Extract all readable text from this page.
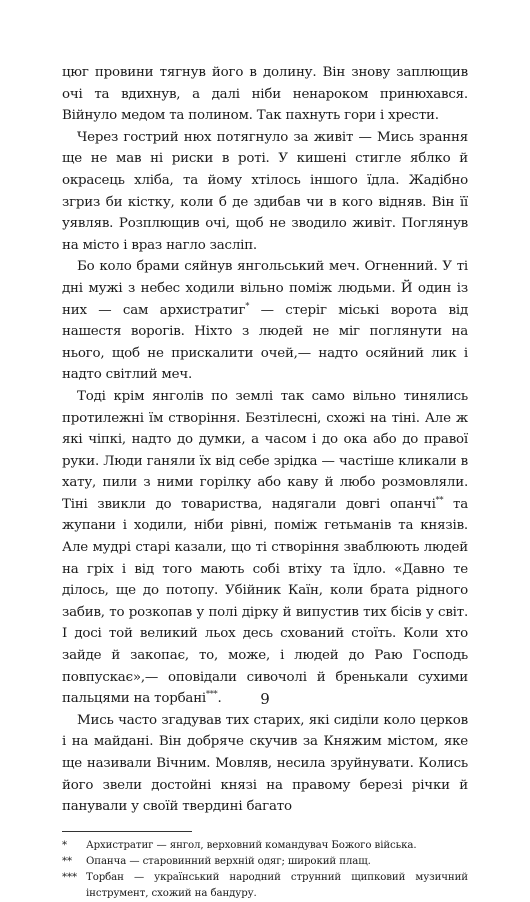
цюг провини тягнув його в долину. Він знову заплющив очі та вдихнув, а далі ніби ненароком принюхався. Війнуло медом та полином. Так пахнуть гори і хрести.

Через гострий нюх потягнуло за живіт — Мись зрання ще не мав ні риски в роті. У кишені стигле яблко й окрасець хліба, та йому хтілось іншого їдла. Жадібно згриз би кістку, коли б де здибав чи в кого відняв. Він її уявляв. Розплющив очі, щоб не зводило живіт. Поглянув на місто і враз нагло засліп.

Бо коло брами сяйнув янгольський меч. Огненний. У ті дні мужі з небес ходили вільно поміж людьми. Й один із них — сам архистратиг* — стеріг міські ворота від нашестя ворогів. Ніхто з людей не міг поглянути на нього, щоб не прискалити очей,— надто осяйний лик і надто світлий меч.

Тоді крім янголів по землі так само вільно тинялись протилежні їм створіння. Безтілесні, схожі на тіні. Але ж які чіпкі, надто до думки, а часом і до ока або до правої руки. Люди ганяли їх від себе зрідка — частіше кликали в хату, пили з ними горілку або каву й любо розмовляли. Тіні звикли до товариства, надягали довгі опанчі** та жупани і ходили, ніби рівні, поміж гетьманів та князів. Але мудрі старі казали, що ті створіння зваблюють людей на гріх і від того мають собі втіху та їдло. «Давно те ділось, ще до потопу. Убійник Каїн, коли брата рідного забив, то розкопав у полі дірку й випустив тих бісів у світ. І досі той великий льох десь схований стоїть. Коли хто зайде й закопає, то, може, і людей до Раю Господь повпускає»,— оповідали сивочолі й бренькали сухими пальцями на торбані***.

Мись часто згадував тих старих, які сиділи коло церков і на майдані. Він добряче скучив за Княжим містом, яке ще називали Вічним. Мовляв, несила зруйнувати. Колись його звели достойні князі на правому березі річки й панували у своїй твердині багато

* Архистратиг — янгол, верховний командувач Божого війська.
** Опанча — старовинний верхній одяг; широкий плащ.
*** Торбан — український народний струнний щипковий музичний інструмент, схожий на бандуру.
9
